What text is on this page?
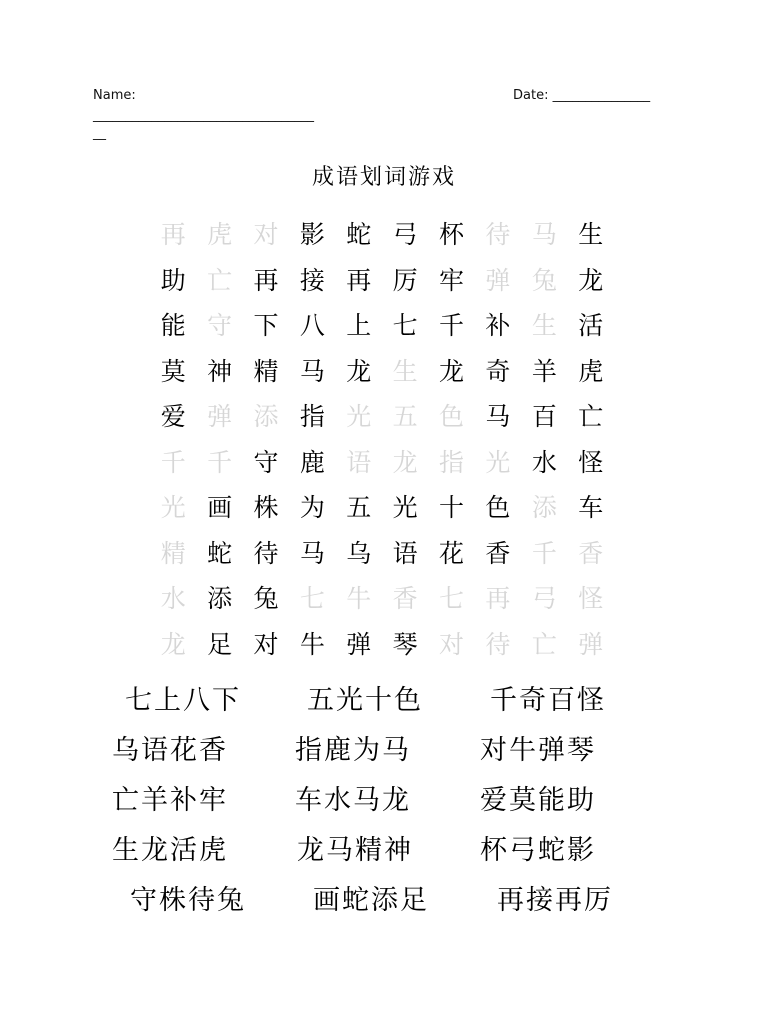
Name:
__________________________________
__
Date: _______________
成语划词游戏
再 虎 对 影 蛇 弓 杯 待 马 生
助 亡 再 接 再 厉 牢 弹 兔 龙
能 守 下 八 上 七 千 补 生 活
莫 神 精 马 龙 生 龙 奇 羊 虎
爱 弹 添 指 光 五 色 马 百 亡
千 千 守 鹿 语 龙 指 光 水 怪
光 画 株 为 五 光 十 色 添 车
精 蛇 待 马 乌 语 花 香 千 香
水 添 兔 七 牛 香 七 再 弓 怪
龙 足 对 牛 弹 琴 对 待 亡 弹
七上八下 五光十色 千奇百怪
乌语花香 指鹿为马	对牛弹琴
亡羊补牢 车水马龙	爱莫能助
生龙活虎	龙马精神 杯弓蛇影
守株待兔 画蛇添足	再接再厉
